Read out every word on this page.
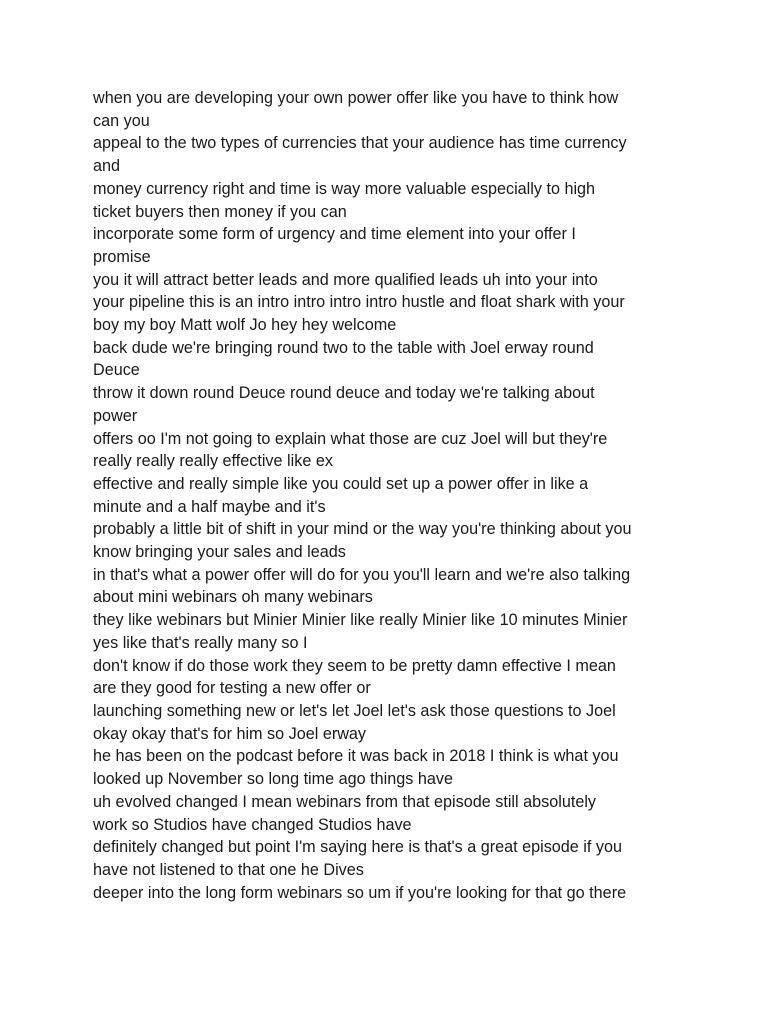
when you are developing your own power offer like you have to think how
can you
appeal to the two types of currencies that your audience has time currency
and
money currency right and time is way more valuable especially to high
ticket buyers then money if you can
incorporate some form of urgency and time element into your offer I
promise
you it will attract better leads and more qualified leads uh into your into
your pipeline this is an intro intro intro intro hustle and float shark with your
boy my boy Matt wolf Jo hey hey welcome
back dude we're bringing round two to the table with Joel erway round
Deuce
throw it down round Deuce round deuce and today we're talking about
power
offers oo I'm not going to explain what those are cuz Joel will but they're
really really really effective like ex
effective and really simple like you could set up a power offer in like a
minute and a half maybe and it's
probably a little bit of shift in your mind or the way you're thinking about you
know bringing your sales and leads
in that's what a power offer will do for you you'll learn and we're also talking
about mini webinars oh many webinars
they like webinars but Minier Minier like really Minier like 10 minutes Minier
yes like that's really many so I
don't know if do those work they seem to be pretty damn effective I mean
are they good for testing a new offer or
launching something new or let's let Joel let's ask those questions to Joel
okay okay that's for him so Joel erway
he has been on the podcast before it was back in 2018 I think is what you
looked up November so long time ago things have
uh evolved changed I mean webinars from that episode still absolutely
work so Studios have changed Studios have
definitely changed but point I'm saying here is that's a great episode if you
have not listened to that one he Dives
deeper into the long form webinars so um if you're looking for that go there
